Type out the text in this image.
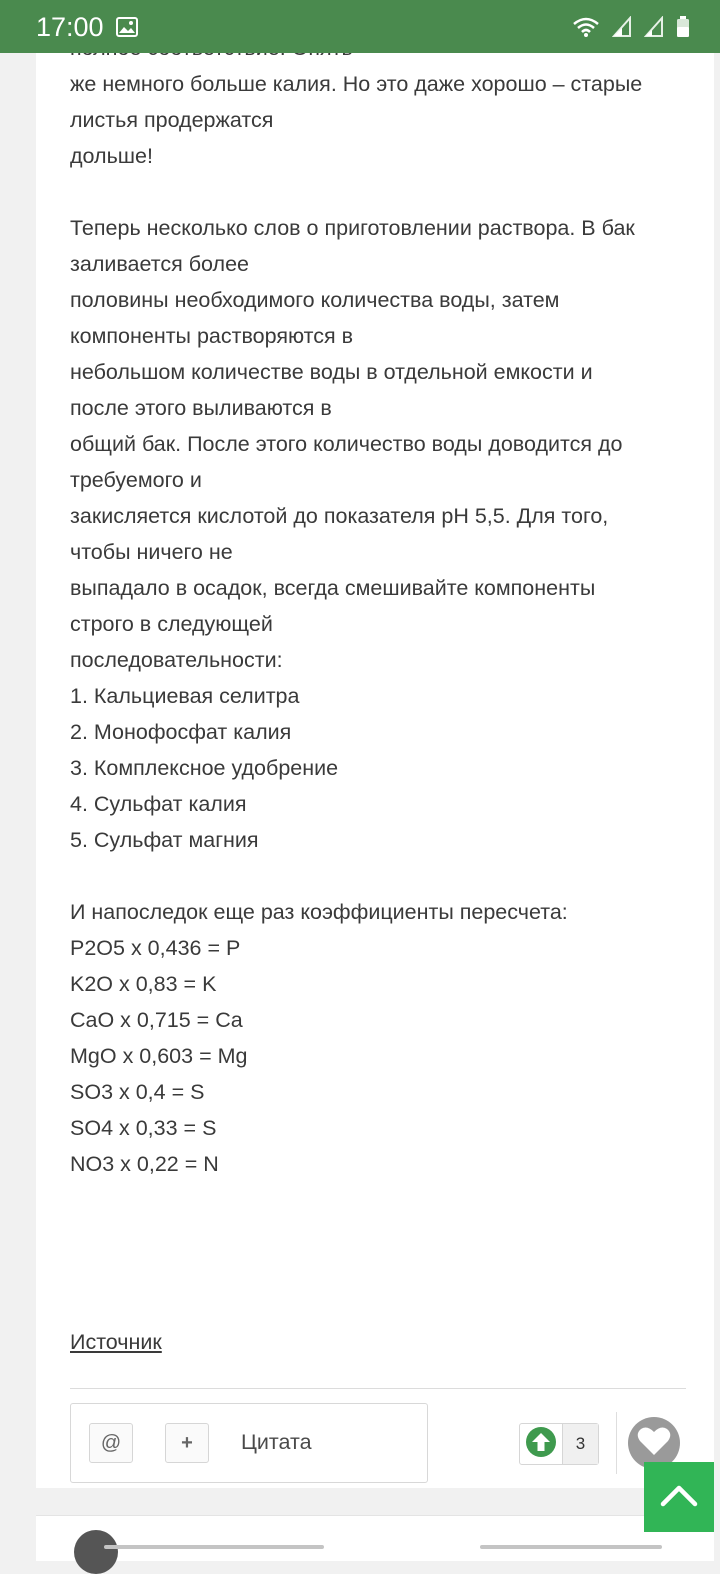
17:00

же немного больше калия. Но это даже хорошо – старые

листья продержатся

дольше!

Теперь несколько слов о приготовлении раствора. В бак

заливается более

половины необходимого количества воды, затем

компоненты растворяются в

небольшом количестве воды в отдельной емкости и

после этого выливаются в

общий бак. После этого количество воды доводится до

требуемого и

закисляется кислотой до показателя pH 5,5. Для того,

чтобы ничего не

выпадало в осадок, всегда смешивайте компоненты

строго в следующей

последовательности:

1. Кальциевая селитра

2. Монофосфат калия

3. Комплексное удобрение

4. Сульфат калия

5. Сульфат магния

И напоследок еще раз коэффициенты пересчета:

P2O5 x 0,436 = P

K2O x 0,83 = K

CaO x 0,715 = Ca

MgO x 0,603 = Mg

SO3 x 0,4 = S

SO4 x 0,33 = S

NO3 x 0,22 = N

Источник
@	+	Цитата	3
